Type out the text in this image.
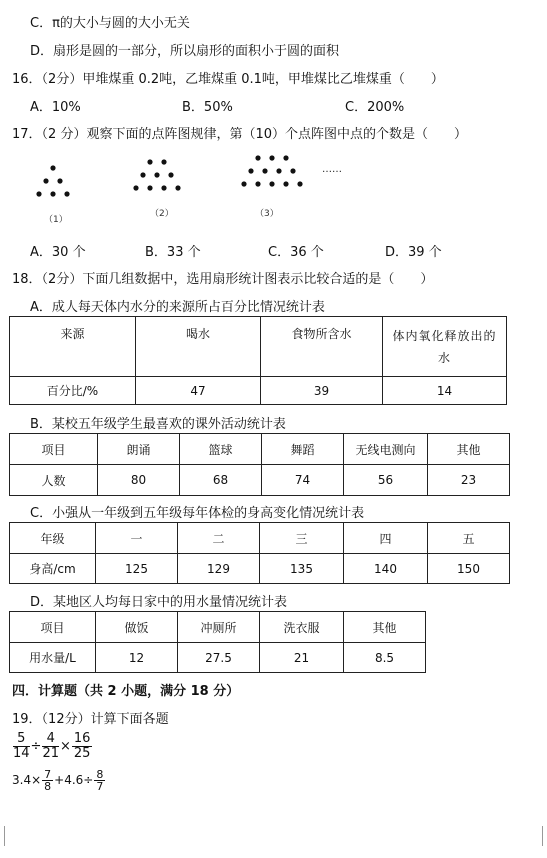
C．π的大小与圆的大小无关
D．扇形是圆的一部分，所以扇形的面积小于圆的面积
16．（2分）甲堆煤重 0.2吨，乙堆煤重 0.1吨，甲堆煤比乙堆煤重（　　）
A．10%	B．50%	C．200%
17．（2 分）观察下面的点阵图规律，第（10）个点阵图中点的个数是（　　）
（1）
（2）	（3）
……
A．30 个	B．33 个	C．36 个	D．39 个
18．（2分）下面几组数据中，选用扇形统计图表示比较合适的是（　　）
A．成人每天体内水分的来源所占百分比情况统计表
来源	喝水	食物所含水	体内氧化释放出的水
百分比/%	47	39	14
B．某校五年级学生最喜欢的课外活动统计表
项目	朗诵	篮球	舞蹈	无线电测向	其他
人数	80	68	74	56	23
C．小强从一年级到五年级每年体检的身高变化情况统计表
年级	一	二	三	四	五
身高/cm	125	129	135	140	150
D．某地区人均每日家中的用水量情况统计表
项目	做饭	冲厕所	洗衣服	其他
用水量/L	12	27.5	21	8.5
四．计算题（共 2 小题，满分 18 分）
19．（12分）计算下面各题
$\frac{5}{14} \div \frac{4}{21} \times \frac{16}{25}$
$3.4\times \frac{7}{8} +4.6\div \frac{8}{7}$
